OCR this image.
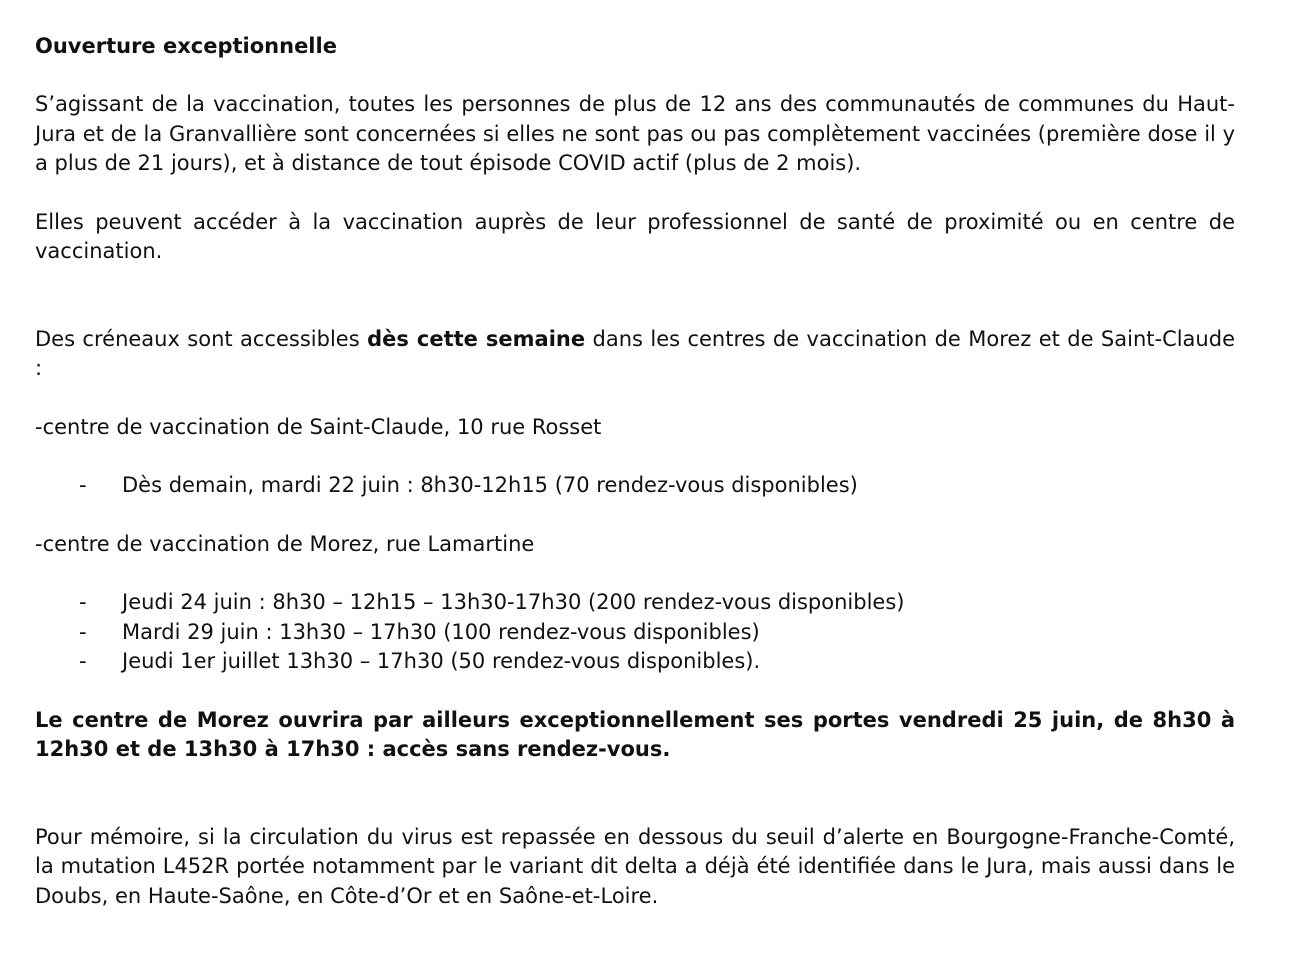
Ouverture exceptionnelle

S’agissant de la vaccination, toutes les personnes de plus de 12 ans des communautés de communes du Haut-Jura et de la Granvallière sont concernées si elles ne sont pas ou pas complètement vaccinées (première dose il y a plus de 21 jours), et à distance de tout épisode COVID actif (plus de 2 mois).

Elles peuvent accéder à la vaccination auprès de leur professionnel de santé de proximité ou en centre de vaccination.

Des créneaux sont accessibles dès cette semaine dans les centres de vaccination de Morez et de Saint-Claude :

-centre de vaccination de Saint-Claude, 10 rue Rosset

- Dès demain, mardi 22 juin : 8h30-12h15 (70 rendez-vous disponibles)

-centre de vaccination de Morez, rue Lamartine

- Jeudi 24 juin : 8h30 – 12h15 – 13h30-17h30 (200 rendez-vous disponibles)
- Mardi 29 juin : 13h30 – 17h30 (100 rendez-vous disponibles)
- Jeudi 1er juillet 13h30 – 17h30 (50 rendez-vous disponibles).

Le centre de Morez ouvrira par ailleurs exceptionnellement ses portes vendredi 25 juin, de 8h30 à 12h30 et de 13h30 à 17h30 : accès sans rendez-vous.

Pour mémoire, si la circulation du virus est repassée en dessous du seuil d’alerte en Bourgogne-Franche-Comté, la mutation L452R portée notamment par le variant dit delta a déjà été identifiée dans le Jura, mais aussi dans le Doubs, en Haute-Saône, en Côte-d’Or et en Saône-et-Loire.
